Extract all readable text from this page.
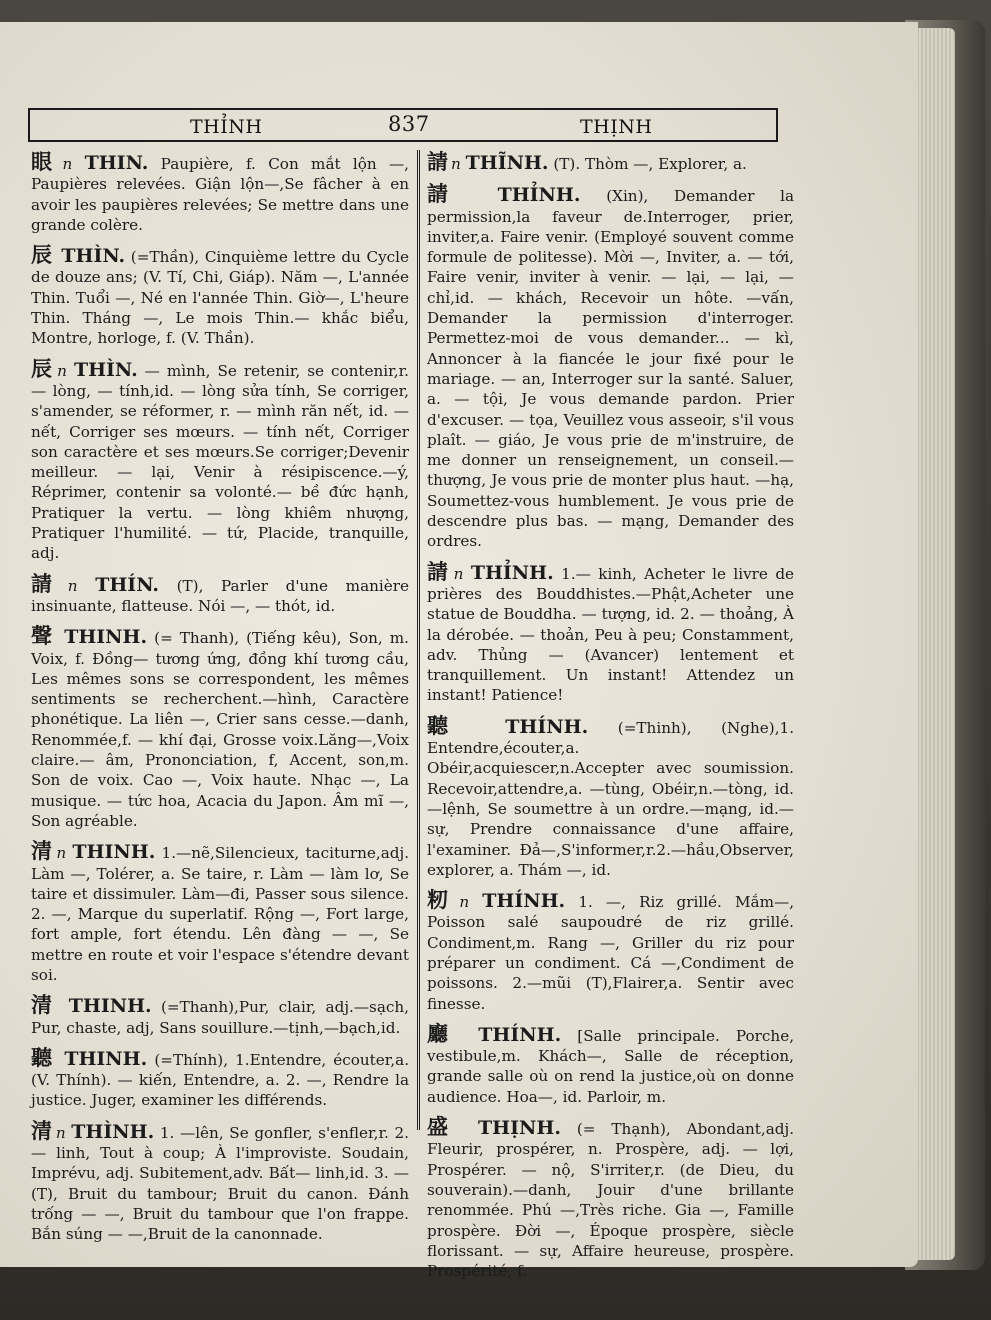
THỈNH	837	THỊNH
眼 n THIN. Paupière, f. Con mắt lộn —, Paupières relevées. Giận lộn—,Se fâcher à en avoir les paupières relevées; Se mettre dans une grande colère.
辰 THÌN. (=Thần), Cinquième lettre du Cycle de douze ans; (V. Tí, Chi, Giáp). Năm —, L'année Thin. Tuổi —, Né en l'année Thin. Giờ—, L'heure Thin. Tháng —, Le mois Thin.— khắc biểu, Montre, horloge, f. (V. Thần).
辰 n THÌN. — mình, Se retenir, se contenir,r. — lòng, — tính,id. — lòng sửa tính, Se corriger, s'amender, se réformer, r. — mình răn nết, id. — nết, Corriger ses mœurs. — tính nết, Corriger son caractère et ses mœurs.Se corriger;Devenir meilleur. — lại, Venir à résipiscence.—ý, Réprimer, contenir sa volonté.— bề đức hạnh, Pratiquer la vertu. — lòng khiêm nhượng, Pratiquer l'humilité. — tứ, Placide, tranquille, adj.
請 n THÍN. (T), Parler d'une manière insinuante, flatteuse. Nói —, — thót, id.
聲 THINH. (= Thanh), (Tiếng kêu), Son, m. Voix, f. Đồng— tương ứng, đồng khí tương cầu, Les mêmes sons se correspondent, les mêmes sentiments se recherchent.—hình, Caractère phonétique. La liên —, Crier sans cesse.—danh, Renommée,f. — khí đại, Grosse voix.Lăng—,Voix claire.— âm, Prononciation, f, Accent, son,m. Son de voix. Cao —, Voix haute. Nhạc —, La musique. — tức hoa, Acacia du Japon. Âm mĩ —, Son agréable.
清 n THINH. 1.—nẽ,Silencieux, taciturne,adj. Làm —, Tolérer, a. Se taire, r. Làm — làm lơ, Se taire et dissimuler. Làm—đi, Passer sous silence. 2. —, Marque du superlatif. Rộng —, Fort large, fort ample, fort étendu. Lên đàng — —, Se mettre en route et voir l'espace s'étendre devant soi.
清 THINH. (=Thanh),Pur, clair, adj.—sạch, Pur, chaste, adj, Sans souillure.—tịnh,—bạch,id.
聽 THINH. (=Thính), 1.Entendre, écouter,a. (V. Thính). — kiến, Entendre, a. 2. —, Rendre la justice. Juger, examiner les différends.
清 n THÌNH. 1. —lên, Se gonfler, s'enfler,r. 2. — linh, Tout à coup; À l'improviste. Soudain, Imprévu, adj. Subitement,adv. Bất— linh,id. 3. — (T), Bruit du tambour; Bruit du canon. Đánh trống — —, Bruit du tambour que l'on frappe. Bắn súng — —,Bruit de la canonnade.
請 n THĨNH. (T). Thòm —, Explorer, a.
請 THỈNH. (Xin), Demander la permission,la faveur de.Interroger, prier, inviter,a. Faire venir. (Employé souvent comme formule de politesse). Mời —, Inviter, a. — tới, Faire venir, inviter à venir. — lại, — lại, — chỉ,id. — khách, Recevoir un hôte. —vấn, Demander la permission d'interroger. Permettez-moi de vous demander... — kì, Annoncer à la fiancée le jour fixé pour le mariage. — an, Interroger sur la santé. Saluer, a. — tội, Je vous demande pardon. Prier d'excuser. — tọa, Veuillez vous asseoir, s'il vous plaît. — giáo, Je vous prie de m'instruire, de me donner un renseignement, un conseil.— thượng, Je vous prie de monter plus haut. —hạ, Soumettez-vous humblement. Je vous prie de descendre plus bas. — mạng, Demander des ordres.
請 n THỈNH. 1.— kinh, Acheter le livre de prières des Bouddhistes.—Phật,Acheter une statue de Bouddha. — tượng, id. 2. — thoảng, À la dérobée. — thoản, Peu à peu; Constamment, adv. Thủng — (Avancer) lentement et tranquillement. Un instant! Attendez un instant! Patience!
聽 THÍNH. (=Thinh), (Nghe),1. Entendre,écouter,a. Obéir,acquiescer,n.Accepter avec soumission. Recevoir,attendre,a. —tùng, Obéir,n.—tòng, id. —lệnh, Se soumettre à un ordre.—mạng, id.— sự, Prendre connaissance d'une affaire, l'examiner. Đả—,S'informer,r.2.—hầu,Observer, explorer, a. Thám —, id.
籾 n THÍNH. 1. —, Riz grillé. Mắm—, Poisson salé saupoudré de riz grillé. Condiment,m. Rang —, Griller du riz pour préparer un condiment. Cá —,Condiment de poissons. 2.—mũi (T),Flairer,a. Sentir avec finesse.
廳 THÍNH. [Salle principale. Porche, vestibule,m. Khách—, Salle de réception, grande salle où on rend la justice,où on donne audience. Hoa—, id. Parloir, m.
盛 THỊNH. (= Thạnh), Abondant,adj. Fleurir, prospérer, n. Prospère, adj. — lợi, Prospérer. — nộ, S'irriter,r. (de Dieu, du souverain).—danh, Jouir d'une brillante renommée. Phú —,Très riche. Gia —, Famille prospère. Đời —, Époque prospère, siècle florissant. — sự, Affaire heureuse, prospère. Prospérité, f.
